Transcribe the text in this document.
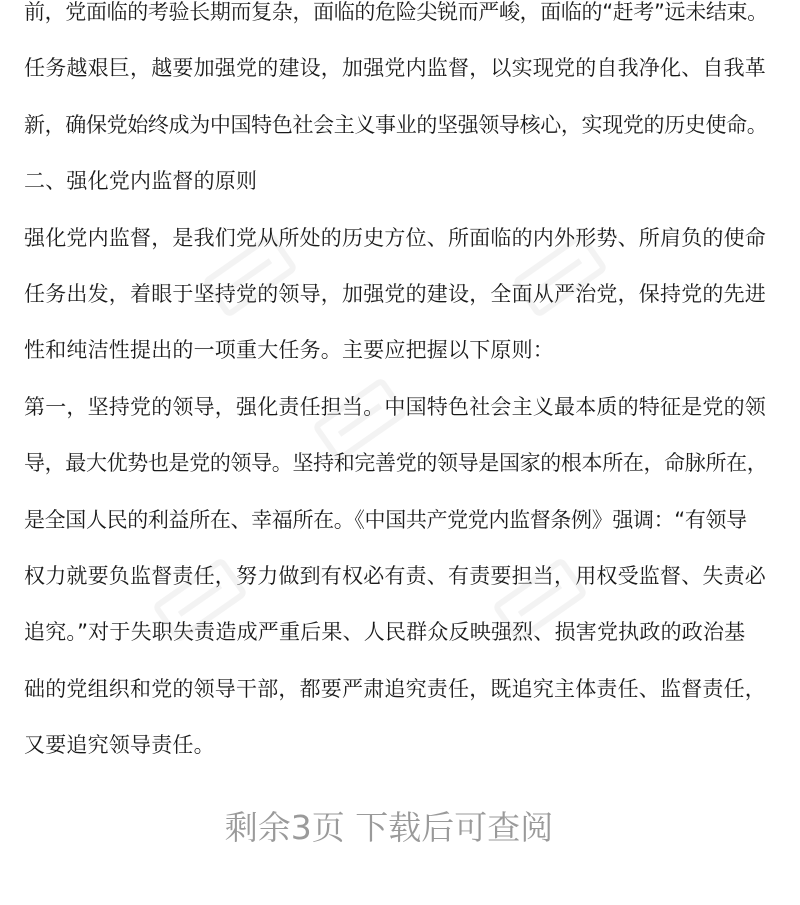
前，党面临的考验长期而复杂，面临的危险尖锐而严峻，面临的“赶考”远未结束。
任务越艰巨，越要加强党的建设，加强党内监督，以实现党的自我净化、自我革
新，确保党始终成为中国特色社会主义事业的坚强领导核心，实现党的历史使命。
二、强化党内监督的原则
强化党内监督，是我们党从所处的历史方位、所面临的内外形势、所肩负的使命
任务出发，着眼于坚持党的领导，加强党的建设，全面从严治党，保持党的先进
性和纯洁性提出的一项重大任务。主要应把握以下原则：
第一，坚持党的领导，强化责任担当。中国特色社会主义最本质的特征是党的领
导，最大优势也是党的领导。坚持和完善党的领导是国家的根本所在，命脉所在，
是全国人民的利益所在、幸福所在。《中国共产党党内监督条例》强调：“有领导
权力就要负监督责任，努力做到有权必有责、有责要担当，用权受监督、失责必
追究。”对于失职失责造成严重后果、人民群众反映强烈、损害党执政的政治基
础的党组织和党的领导干部，都要严肃追究责任，既追究主体责任、监督责任，
又要追究领导责任。
剩余3页 下载后可查阅
